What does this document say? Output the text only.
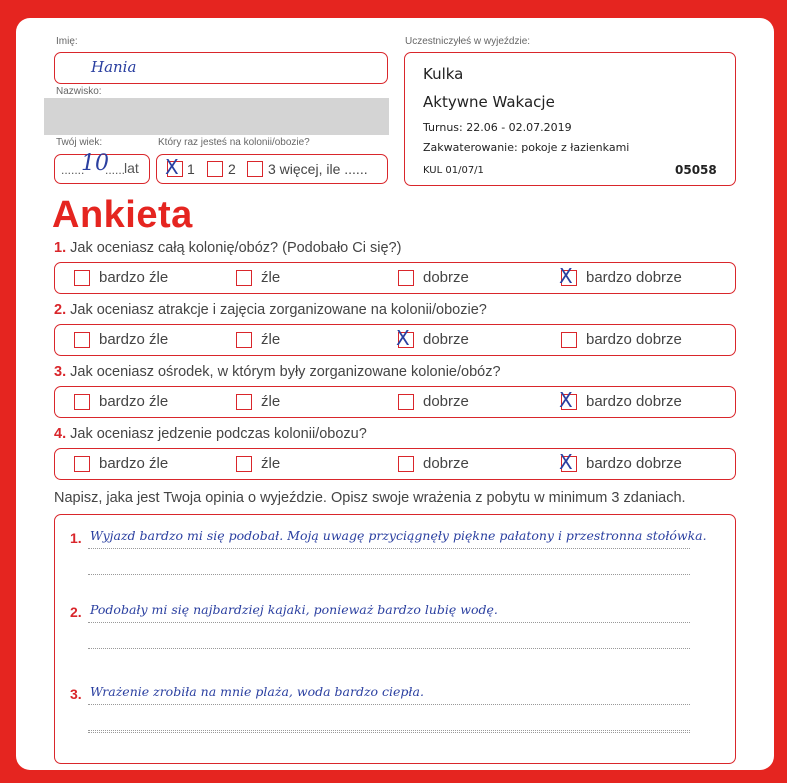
Imię:
Hania
Nazwisko:
Twój wiek:
.......
10
......
lat
Który raz jesteś na kolonii/obozie?
X 1 2 3 więcej, ile ......
Uczestniczyłeś w wyjeździe:
Kulka
Aktywne Wakacje
Turnus: 22.06 - 02.07.2019
Zakwaterowanie: pokoje z łazienkami
KUL 01/07/1	05058
Ankieta
1. Jak oceniasz całą kolonię/obóz? (Podobało Ci się?)
bardzo źle	źle	dobrze	X bardzo dobrze
2. Jak oceniasz atrakcje i zajęcia zorganizowane na kolonii/obozie?
bardzo źle	źle	X dobrze	bardzo dobrze
3. Jak oceniasz ośrodek, w którym były zorganizowane kolonie/obóz?
bardzo źle	źle	dobrze	X bardzo dobrze
4. Jak oceniasz jedzenie podczas kolonii/obozu?
bardzo źle	źle	dobrze	X bardzo dobrze
Napisz, jaka jest Twoja opinia o wyjeździe. Opisz swoje wrażenia z pobytu w minimum 3 zdaniach.
1. Wyjazd bardzo mi się podobał. Moją uwagę przyciągnęły piękne pałatony i przestronna stołówka.
2. Podobały mi się najbardziej kajaki, ponieważ bardzo lubię wodę.
3. Wrażenie zrobiła na mnie plaża, woda bardzo ciepła.
